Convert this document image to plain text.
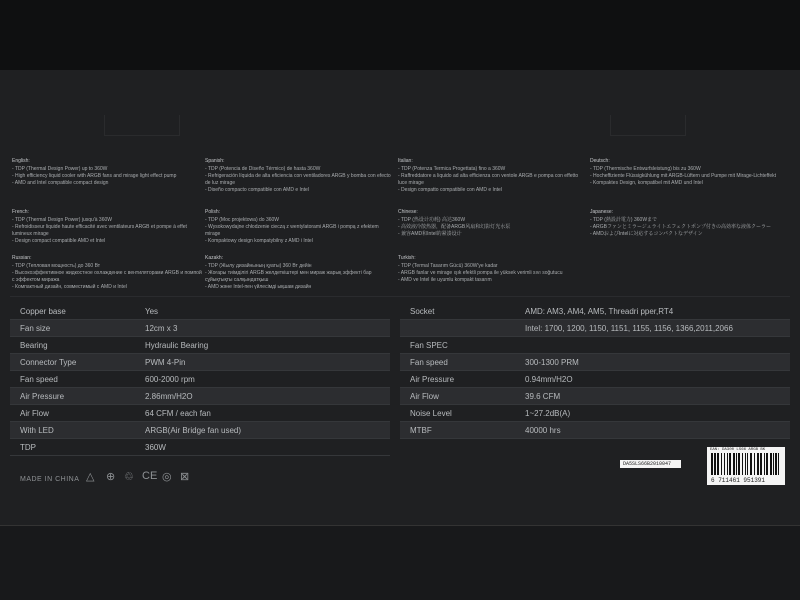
English:
- TDP (Thermal Design Power) up to 360W
- High efficiency liquid cooler with ARGB fans and mirage light effect pump
- AMD and Intel compatible compact design
Spanish:
- TDP (Potencia de Diseño Térmico) de hasta 360W
- Refrigeración líquida de alta eficiencia con ventiladores ARGB y bomba con efecto de luz mirage
- Diseño compacto compatible con AMD e Intel
Italian:
- TDP (Potenza Termica Progettata) fino a 360W
- Raffreddatore a liquido ad alta efficienza con ventole ARGB e pompa con effetto luce mirage
- Design compatto compatibile con AMD e Intel
Deutsch:
- TDP (Thermische Entwurfsleistung) bis zu 360W
- Hocheffiziente Flüssigkühlung mit ARGB-Lüftern und Pumpe mit Mirage-Lichteffekt
- Kompaktes Design, kompatibel mit AMD und Intel
French:
- TDP (Thermal Design Power) jusqu'à 360W
- Refroidisseur liquide haute efficacité avec ventilateurs ARGB et pompe à effet lumineux mirage
- Design compact compatible AMD et Intel
Polish:
- TDP (Moc projektowa) do 360W
- Wysokowydajne chłodzenie cieczą z wentylatorami ARGB i pompą z efektem mirage
- Kompaktowy design kompatybilny z AMD i Intel
Chinese:
- TDP (热设计功耗) 高达360W
- 高效液冷散热器，配备ARGB风扇和幻影灯光水泵
- 兼容AMD和Intel的紧凑设计
Japanese:
- TDP (熱設計電力) 360Wまで
- ARGBファンとミラージュライトエフェクトポンプ付きの高効率な液体クーラー
- AMDおよびIntelに対応するコンパクトなデザイン
Russian:
- TDP (Тепловая мощность) до 360 Вт
- Высокоэффективное жидкостное охлаждение с вентиляторами ARGB и помпой с эффектом миража
- Компактный дизайн, совместимый с AMD и Intel
Kazakh:
- TDP (Жылу дизайнының қуаты) 360 Вт дейін
- Жоғары тиімділігі ARGB желдеткіштері мен мираж жарық эффекті бар сұйықтықты салқындатқыш
- AMD және Intel-пен үйлесімді ықшам дизайн
Turkish:
- TDP (Termal Tasarım Gücü) 360W'ye kadar
- ARGB fanlar ve mirage ışık efektli pompa ile yüksek verimli sıvı soğutucu
- AMD ve Intel ile uyumlu kompakt tasarım
Copper base	Yes
Fan size	12cm x 3
Bearing	Hydraulic Bearing
Connector Type	PWM 4-Pin
Fan speed	600-2000 rpm
Air Pressure	2.86mm/H2O
Air Flow	64 CFM / each fan
With LED	ARGB(Air Bridge fan used)
TDP	360W
Socket	AMD: AM3, AM4, AM5, Threadri pper,RT4
	Intel: 1700, 1200, 1150, 1151, 1155, 1156, 1366,2011,2066
Fan SPEC	
Fan speed	300-1300 PRM
Air Pressure	0.94mm/H2O
Air Flow	39.6 CFM
Noise Level	1~27.2dB(A)
MTBF	40000 hrs
MADE IN CHINA △ ⊕ ♲ CE ◎ ⊠
DA5SLS66B2010047
EAN: DA300 LS66 ARGB BK
6 711461 951391
